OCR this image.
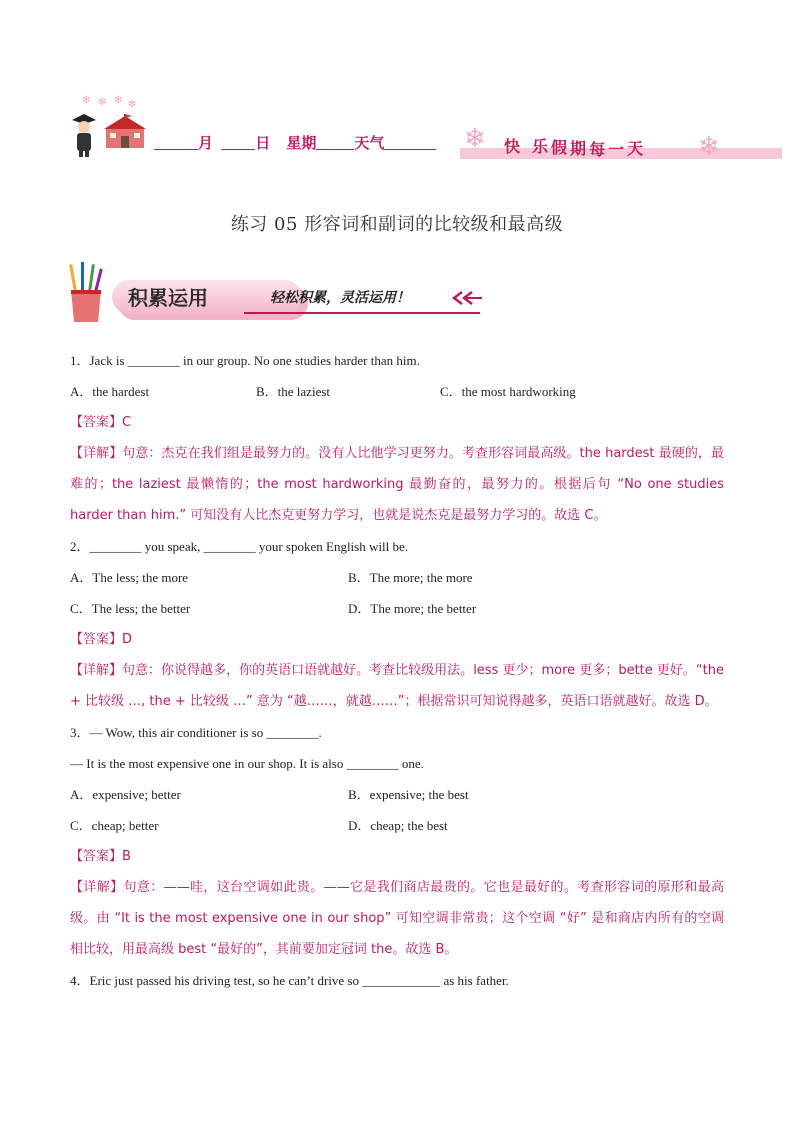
✻ ✻ ✻ ✻
月	日 星期	天气	❄ 快 乐 假 期 每 一 天 ❄
练习 05 形容词和副词的比较级和最高级
积累运用	轻松积累，灵活运用！
1．Jack is ________ in our group. No one studies harder than him.
A．the hardest	B．the laziest	C．the most hardworking
【答案】C
【详解】句意：杰克在我们组是最努力的。没有人比他学习更努力。考查形容词最高级。the hardest 最硬的，最难的；the laziest 最懒惰的；the most hardworking 最勤奋的，最努力的。根据后句 “No one studies harder than him.” 可知没有人比杰克更努力学习，也就是说杰克是最努力学习的。故选 C。
2．________ you speak, ________ your spoken English will be.
A．The less; the more	B．The more; the more
C．The less; the better	D．The more; the better
【答案】D
【详解】句意：你说得越多，你的英语口语就越好。考查比较级用法。less 更少；more 更多；bette 更好。“the + 比较级 …, the + 比较级 …” 意为 “越……，就越……”；根据常识可知说得越多，英语口语就越好。故选 D。
3．— Wow, this air conditioner is so ________.
— It is the most expensive one in our shop. It is also ________ one.
A．expensive; better	B．expensive; the best
C．cheap; better	D．cheap; the best
【答案】B
【详解】句意：——哇，这台空调如此贵。——它是我们商店最贵的。它也是最好的。考查形容词的原形和最高级。由 “It is the most expensive one in our shop” 可知空调非常贵；这个空调 “好” 是和商店内所有的空调相比较，用最高级 best “最好的”，其前要加定冠词 the。故选 B。
4．Eric just passed his driving test, so he can’t drive so ____________ as his father.
